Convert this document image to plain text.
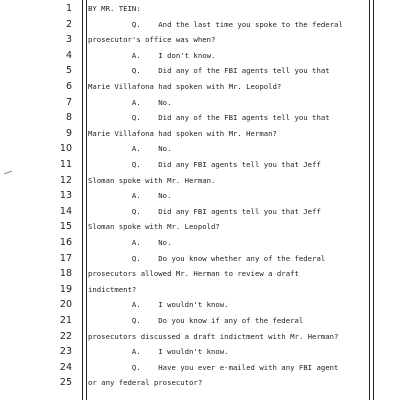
1 BY MR. TEIN:
2 Q.    And the last time you spoke to the federal
3 prosecutor's office was when?
4 A.    I don't know.
5 Q.    Did any of the FBI agents tell you that
6 Marie Villafona had spoken with Mr. Leopold?
7 A.    No.
8 Q.    Did any of the FBI agents tell you that
9 Marie Villafona had spoken with Mr. Herman?
10 A.    No.
11 Q.    Did any FBI agents tell you that Jeff
12 Sloman spoke with Mr. Herman.
13 A.    No.
14 Q.    Did any FBI agents tell you that Jeff
15 Sloman spoke with Mr. Leopold?
16 A.    No.
17 Q.    Do you know whether any of the federal
18 prosecutors allowed Mr. Herman to review a draft
19 indictment?
20 A.    I wouldn't know.
21 Q.    Do you know if any of the federal
22 prosecutors discussed a draft indictment with Mr. Herman?
23 A.    I wouldn't know.
24 Q.    Have you ever e-mailed with any FBI agent
25 or any federal prosecutor?
